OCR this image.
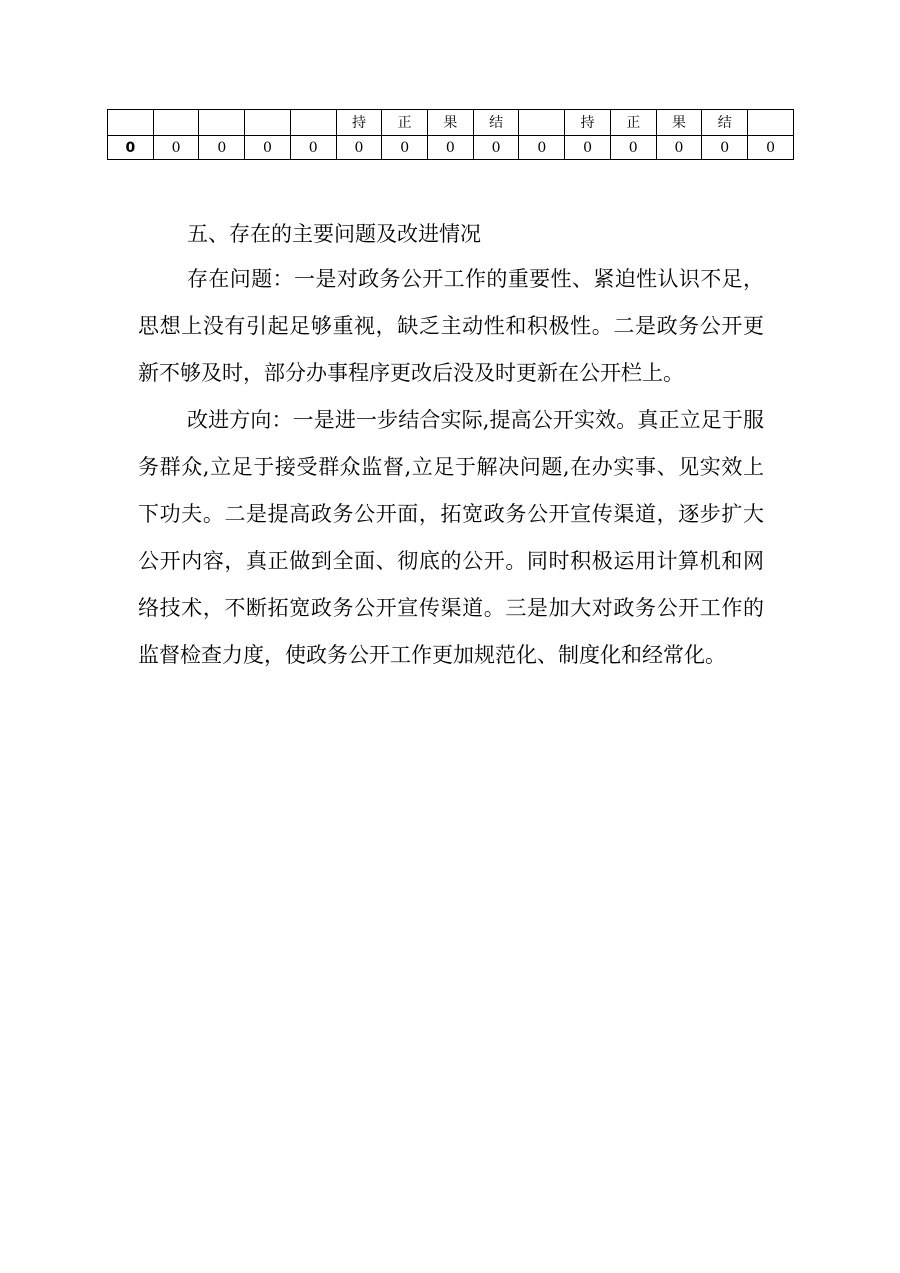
					持	正	果	结		持	正	果	结	
0	0	0	0	0	0	0	0	0	0	0	0	0	0	0
五、存在的主要问题及改进情况

存在问题：一是对政务公开工作的重要性、紧迫性认识不足，思想上没有引起足够重视，缺乏主动性和积极性。二是政务公开更新不够及时，部分办事程序更改后没及时更新在公开栏上。

改进方向：一是进一步结合实际,提高公开实效。真正立足于服务群众,立足于接受群众监督,立足于解决问题,在办实事、见实效上下功夫。二是提高政务公开面，拓宽政务公开宣传渠道，逐步扩大公开内容，真正做到全面、彻底的公开。同时积极运用计算机和网络技术，不断拓宽政务公开宣传渠道。三是加大对政务公开工作的监督检查力度，使政务公开工作更加规范化、制度化和经常化。
